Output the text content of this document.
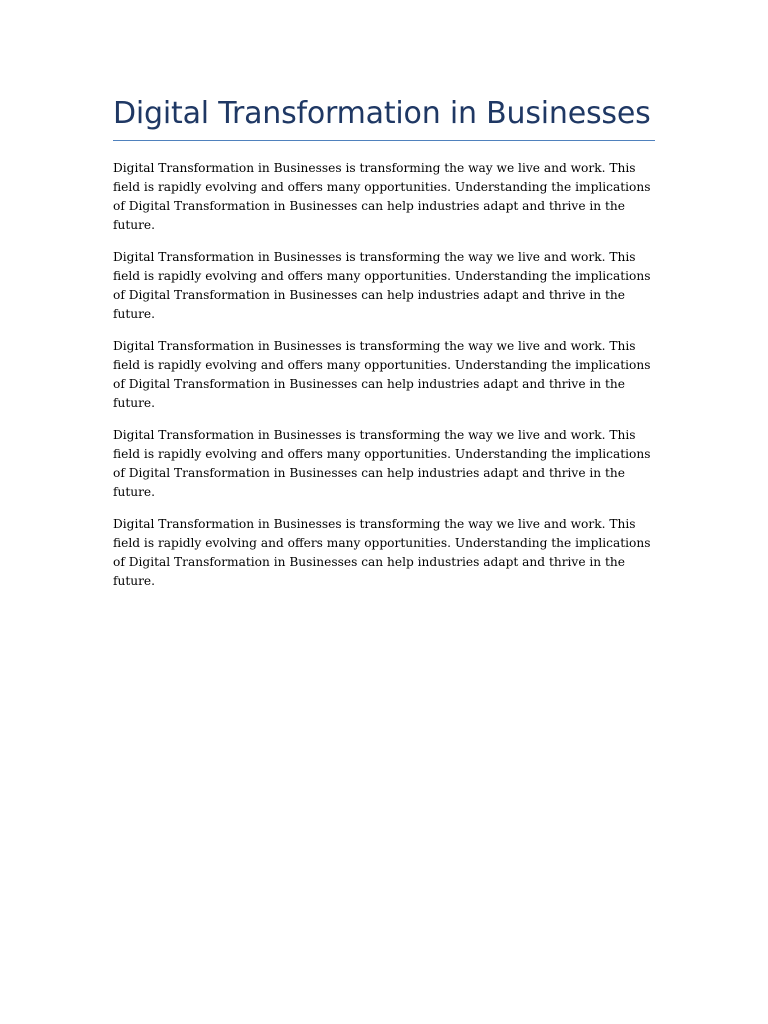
Digital Transformation in Businesses

Digital Transformation in Businesses is transforming the way we live and work. This field is rapidly evolving and offers many opportunities. Understanding the implications of Digital Transformation in Businesses can help industries adapt and thrive in the future.

Digital Transformation in Businesses is transforming the way we live and work. This field is rapidly evolving and offers many opportunities. Understanding the implications of Digital Transformation in Businesses can help industries adapt and thrive in the future.

Digital Transformation in Businesses is transforming the way we live and work. This field is rapidly evolving and offers many opportunities. Understanding the implications of Digital Transformation in Businesses can help industries adapt and thrive in the future.

Digital Transformation in Businesses is transforming the way we live and work. This field is rapidly evolving and offers many opportunities. Understanding the implications of Digital Transformation in Businesses can help industries adapt and thrive in the future.

Digital Transformation in Businesses is transforming the way we live and work. This field is rapidly evolving and offers many opportunities. Understanding the implications of Digital Transformation in Businesses can help industries adapt and thrive in the future.
